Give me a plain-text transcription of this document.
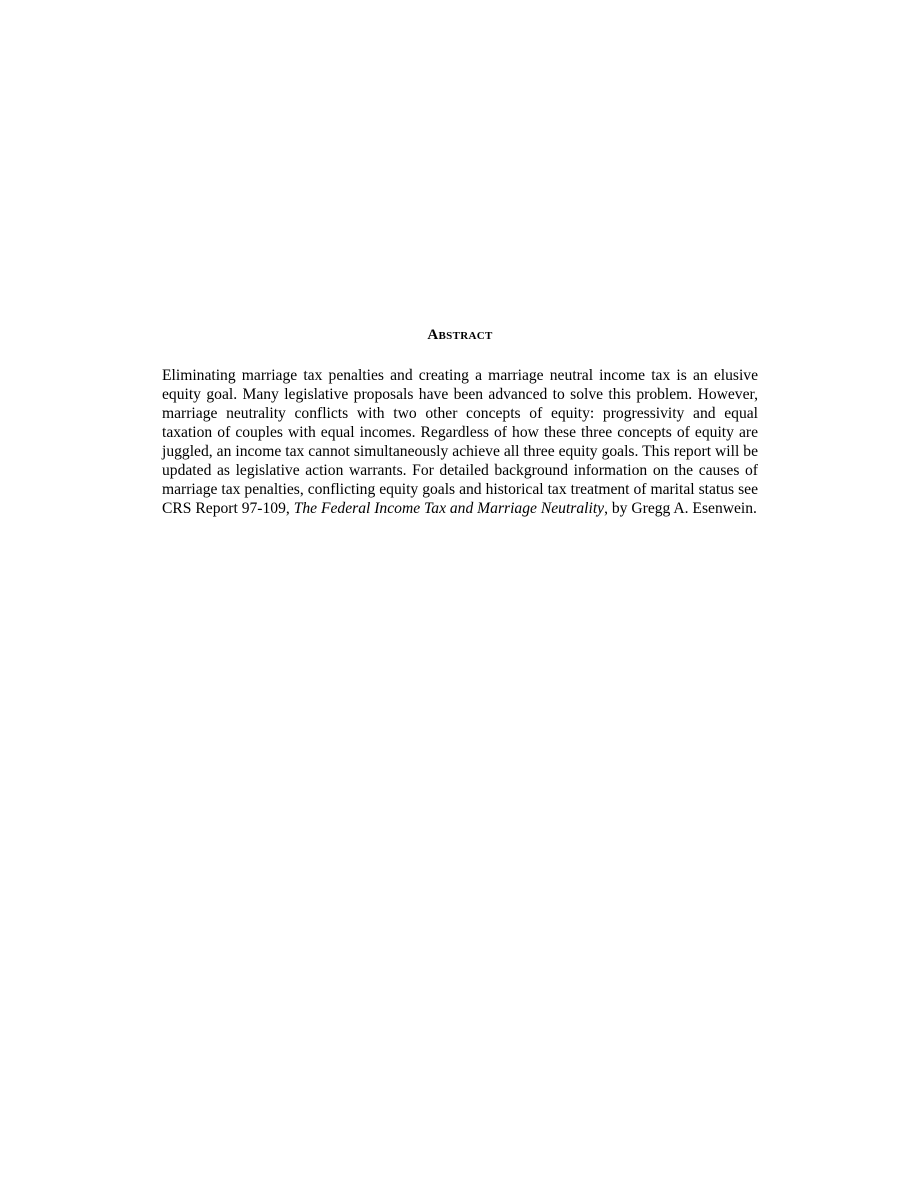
Abstract

Eliminating marriage tax penalties and creating a marriage neutral income tax is an elusive equity goal. Many legislative proposals have been advanced to solve this problem. However, marriage neutrality conflicts with two other concepts of equity: progressivity and equal taxation of couples with equal incomes. Regardless of how these three concepts of equity are juggled, an income tax cannot simultaneously achieve all three equity goals. This report will be updated as legislative action warrants. For detailed background information on the causes of marriage tax penalties, conflicting equity goals and historical tax treatment of marital status see CRS Report 97-109, The Federal Income Tax and Marriage Neutrality, by Gregg A. Esenwein.
